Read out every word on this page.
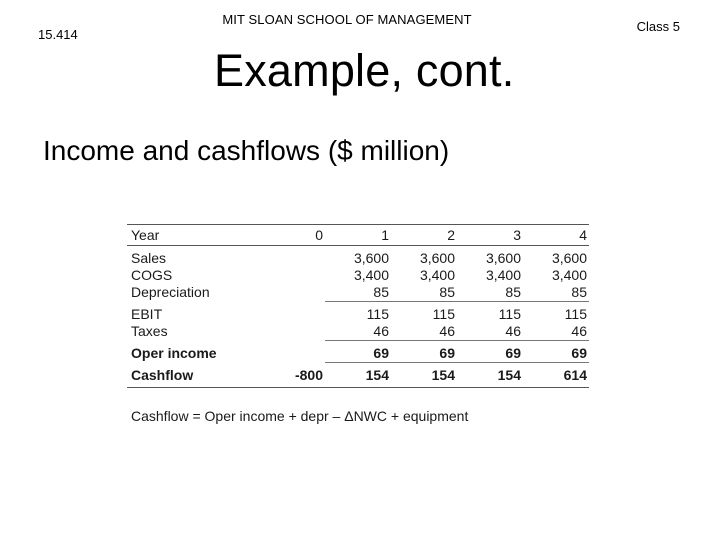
15.414
MIT SLOAN SCHOOL OF MANAGEMENT	Class 5
Example, cont.
Income and cashflows ($ million)
Year	0	1	2	3	4
Sales		3,600	3,600	3,600	3,600
COGS		3,400	3,400	3,400	3,400
Depreciation		85	85	85	85
EBIT		115	115	115	115
Taxes		46	46	46	46
Oper income		69	69	69	69
Cashflow	-800	154	154	154	614
Cashflow = Oper income + depr – ΔNWC + equipment
